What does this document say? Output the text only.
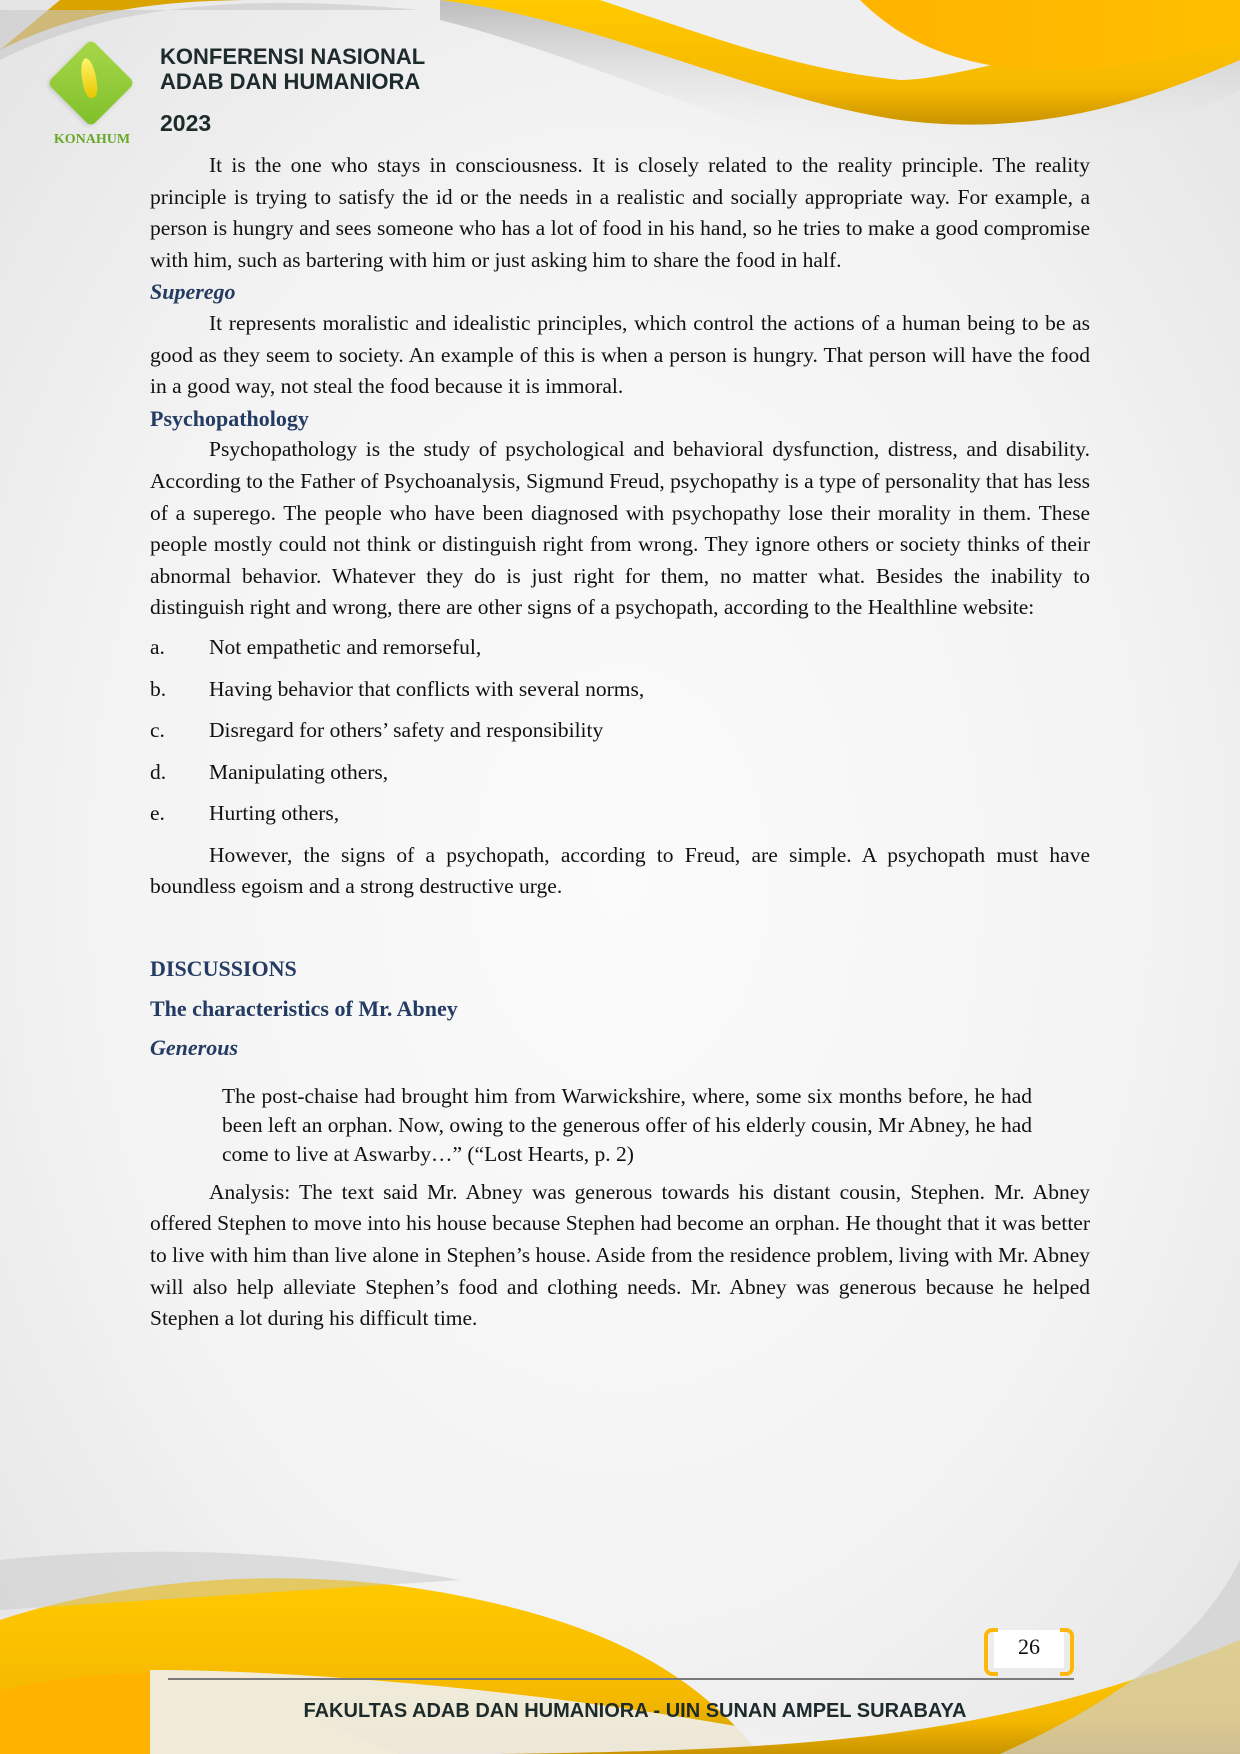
KONAHUM
KONFERENSI NASIONAL
ADAB DAN HUMANIORA
2023

It is the one who stays in consciousness. It is closely related to the reality principle. The reality principle is trying to satisfy the id or the needs in a realistic and socially appropriate way. For example, a person is hungry and sees someone who has a lot of food in his hand, so he tries to make a good compromise with him, such as bartering with him or just asking him to share the food in half.

Superego

It represents moralistic and idealistic principles, which control the actions of a human being to be as good as they seem to society. An example of this is when a person is hungry. That person will have the food in a good way, not steal the food because it is immoral.

Psychopathology

Psychopathology is the study of psychological and behavioral dysfunction, distress, and disability. According to the Father of Psychoanalysis, Sigmund Freud, psychopathy is a type of personality that has less of a superego. The people who have been diagnosed with psychopathy lose their morality in them. These people mostly could not think or distinguish right from wrong. They ignore others or society thinks of their abnormal behavior. Whatever they do is just right for them, no matter what. Besides the inability to distinguish right and wrong, there are other signs of a psychopath, according to the Healthline website:

a.	Not empathetic and remorseful,
b.	Having behavior that conflicts with several norms,
c.	Disregard for others’ safety and responsibility
d.	Manipulating others,
e.	Hurting others,

However, the signs of a psychopath, according to Freud, are simple. A psychopath must have boundless egoism and a strong destructive urge.

DISCUSSIONS

The characteristics of Mr. Abney

Generous

The post-chaise had brought him from Warwickshire, where, some six months before, he had been left an orphan. Now, owing to the generous offer of his elderly cousin, Mr Abney, he had come to live at Aswarby…” (“Lost Hearts, p. 2)

Analysis: The text said Mr. Abney was generous towards his distant cousin, Stephen. Mr. Abney offered Stephen to move into his house because Stephen had become an orphan. He thought that it was better to live with him than live alone in Stephen’s house. Aside from the residence problem, living with Mr. Abney will also help alleviate Stephen’s food and clothing needs. Mr. Abney was generous because he helped Stephen a lot during his difficult time.

26
FAKULTAS ADAB DAN HUMANIORA - UIN SUNAN AMPEL SURABAYA
